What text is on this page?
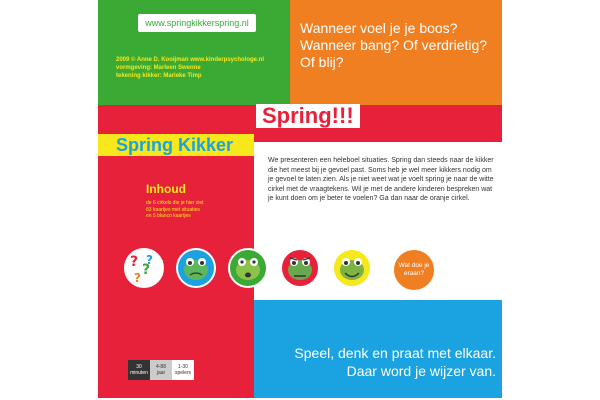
www.springkikkerspring.nl
2009 © Anne D. Kooijman www.kinderpsychologe.nl
vormgeving: Marleen Swenne
tekening kikker: Marieke Timp
Wanneer voel je je boos? Wanneer bang? Of verdrietig? Of blij?
Spring!!!
Spring Kikker
We presenteren een heleboel situaties. Spring dan steeds naar de kikker die het meest bij je gevoel past. Soms heb je wel meer kikkers nodig om je gevoel te laten zien. Als je niet weet wat je voelt spring je naar de witte cirkel met de vraagtekens. Wil je met de andere kinderen bespreken wat je kunt doen om je beter te voelen? Ga dan naar de oranje cirkel.
Inhoud
de 6 cirkels die je hier ziet
83 kaartjes met situaties
en 5 blanco kaartjes
? ?
?
?
Wat doe je eraan?
30
minuten
4-88
jaar
1-30
spelers
Speel, denk en praat met elkaar.
Daar word je wijzer van.
